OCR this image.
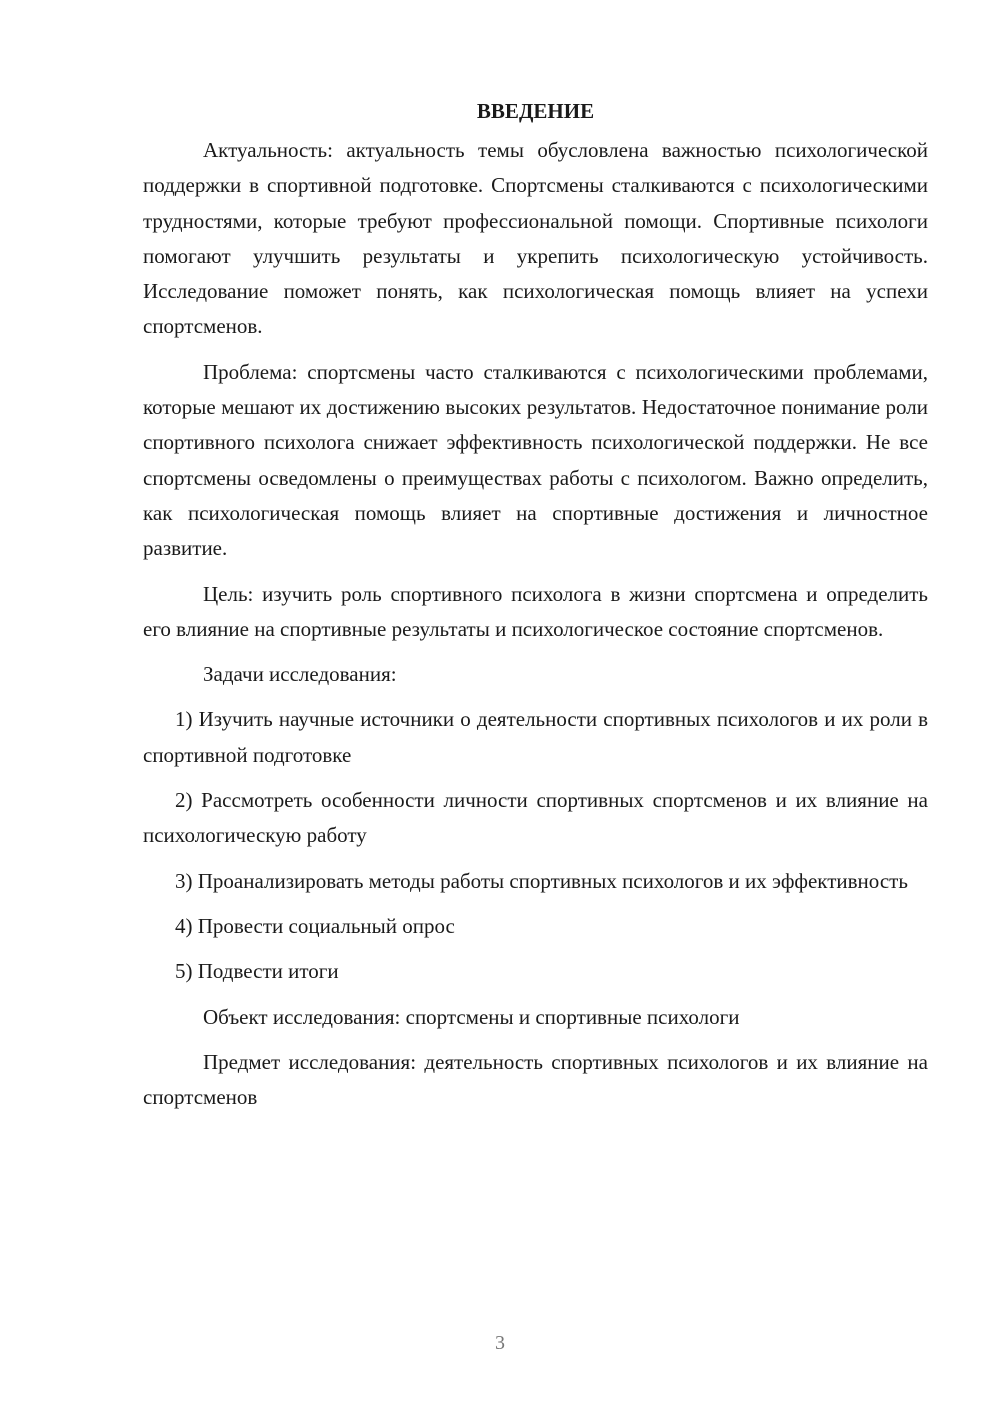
ВВЕДЕНИЕ

Актуальность: актуальность темы обусловлена важностью психологической поддержки в спортивной подготовке. Спортсмены сталкиваются с психологическими трудностями, которые требуют профессиональной помощи. Спортивные психологи помогают улучшить результаты и укрепить психологическую устойчивость. Исследование поможет понять, как психологическая помощь влияет на успехи спортсменов.

Проблема: спортсмены часто сталкиваются с психологическими проблемами, которые мешают их достижению высоких результатов. Недостаточное понимание роли спортивного психолога снижает эффективность психологической поддержки. Не все спортсмены осведомлены о преимуществах работы с психологом. Важно определить, как психологическая помощь влияет на спортивные достижения и личностное развитие.

Цель: изучить роль спортивного психолога в жизни спортсмена и определить его влияние на спортивные результаты и психологическое состояние спортсменов.

Задачи исследования:

1) Изучить научные источники о деятельности спортивных психологов и их роли в спортивной подготовке

2) Рассмотреть особенности личности спортивных спортсменов и их влияние на психологическую работу

3) Проанализировать методы работы спортивных психологов и их эффективность

4) Провести социальный опрос

5) Подвести итоги

Объект исследования: спортсмены и спортивные психологи

Предмет исследования: деятельность спортивных психологов и их влияние на спортсменов

3
